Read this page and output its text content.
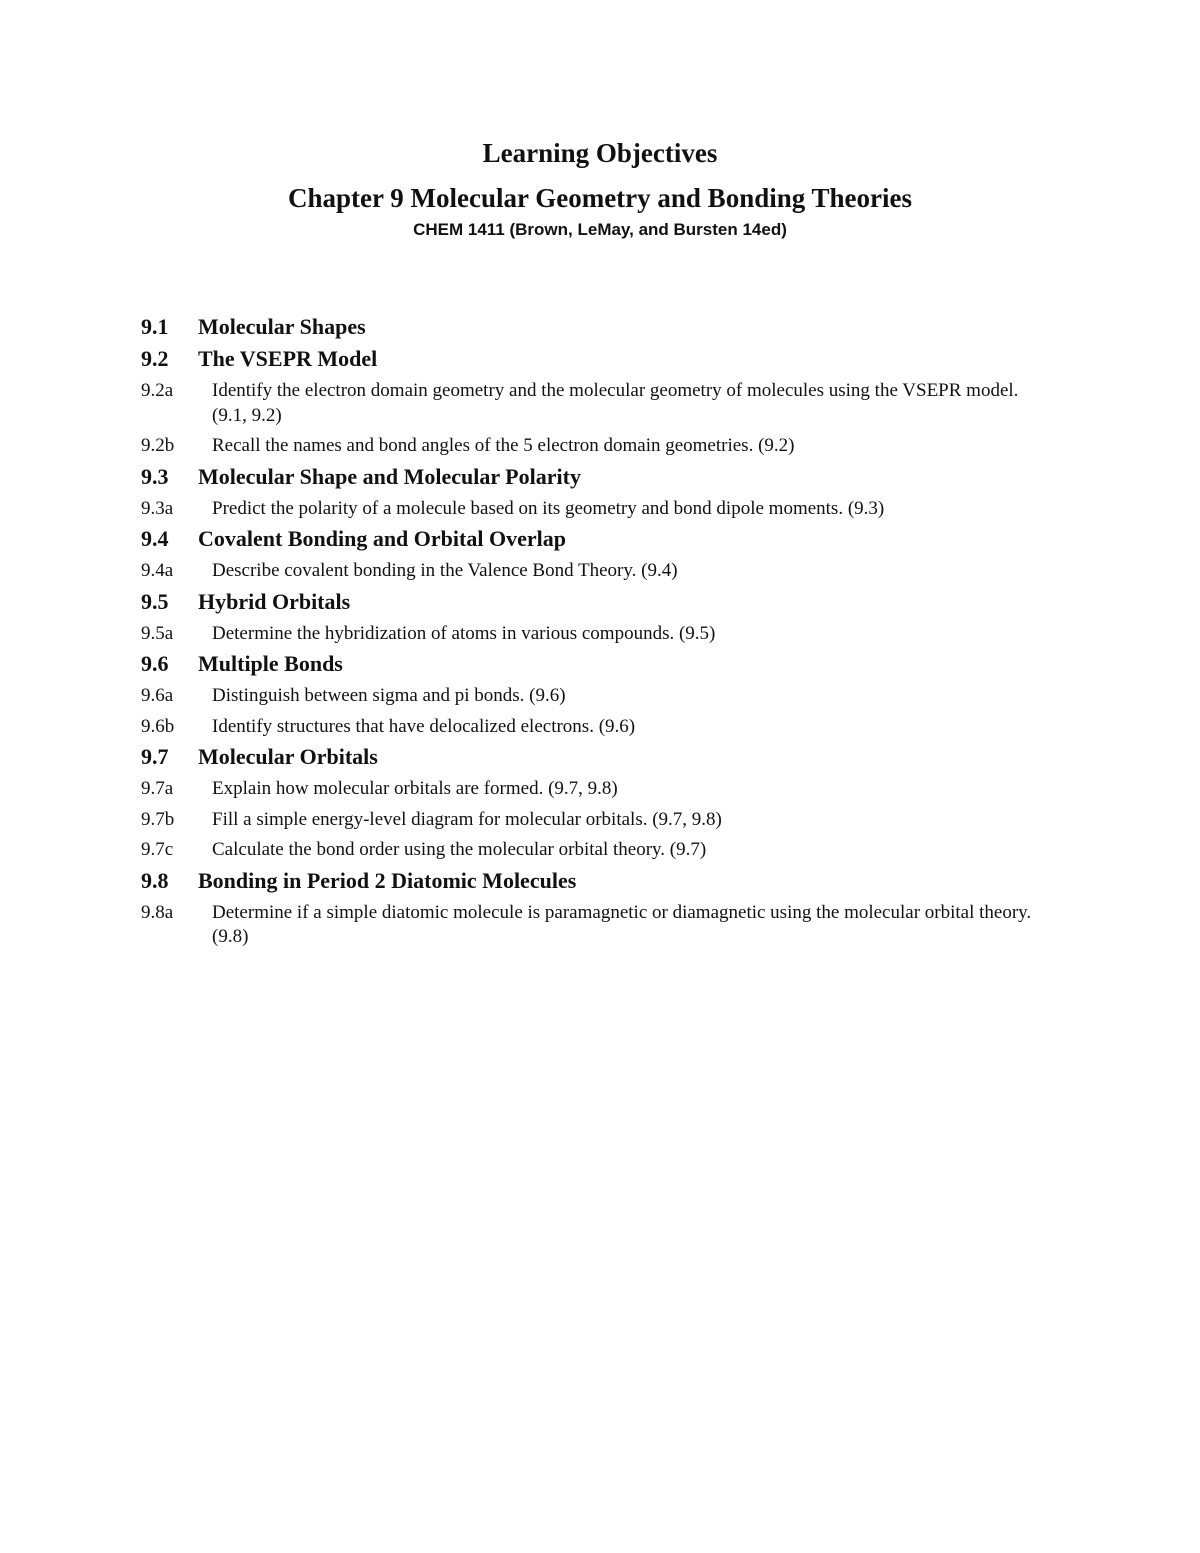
Learning Objectives
Chapter 9 Molecular Geometry and Bonding Theories
CHEM 1411 (Brown, LeMay, and Bursten 14ed)
9.1	Molecular Shapes
9.2	The VSEPR Model
9.2a	Identify the electron domain geometry and the molecular geometry of molecules using the VSEPR model. (9.1, 9.2)
9.2b	Recall the names and bond angles of the 5 electron domain geometries. (9.2)
9.3	Molecular Shape and Molecular Polarity
9.3a	Predict the polarity of a molecule based on its geometry and bond dipole moments. (9.3)
9.4	Covalent Bonding and Orbital Overlap
9.4a	Describe covalent bonding in the Valence Bond Theory. (9.4)
9.5	Hybrid Orbitals
9.5a	Determine the hybridization of atoms in various compounds. (9.5)
9.6	Multiple Bonds
9.6a	Distinguish between sigma and pi bonds. (9.6)
9.6b	Identify structures that have delocalized electrons. (9.6)
9.7	Molecular Orbitals
9.7a	Explain how molecular orbitals are formed. (9.7, 9.8)
9.7b	Fill a simple energy-level diagram for molecular orbitals. (9.7, 9.8)
9.7c	Calculate the bond order using the molecular orbital theory. (9.7)
9.8	Bonding in Period 2 Diatomic Molecules
9.8a	Determine if a simple diatomic molecule is paramagnetic or diamagnetic using the molecular orbital theory. (9.8)
